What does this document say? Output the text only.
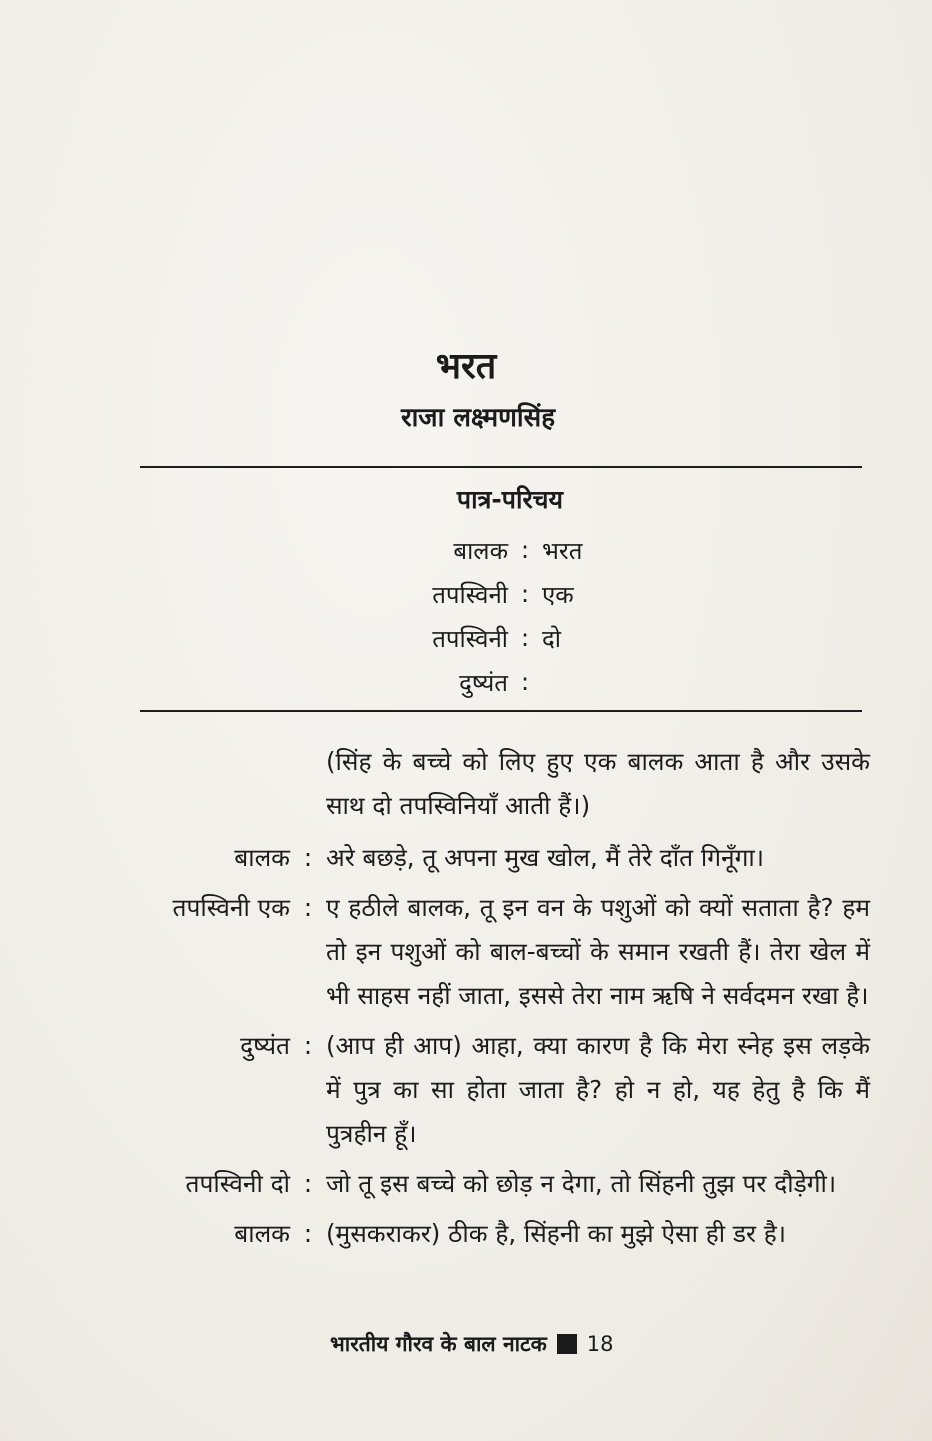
भरत
राजा लक्ष्मणसिंह
पात्र-परिचय
बालक : भरत
तपस्विनी : एक
तपस्विनी : दो
दुष्यंत :
(सिंह के बच्चे को लिए हुए एक बालक आता है और उसके साथ दो तपस्विनियाँ आती हैं।)
बालक : अरे बछड़े, तू अपना मुख खोल, मैं तेरे दाँत गिनूँगा।
तपस्विनी एक : ए हठीले बालक, तू इन वन के पशुओं को क्यों सताता है? हम तो इन पशुओं को बाल-बच्चों के समान रखती हैं। तेरा खेल में भी साहस नहीं जाता, इससे तेरा नाम ऋषि ने सर्वदमन रखा है।
दुष्यंत : (आप ही आप) आहा, क्या कारण है कि मेरा स्नेह इस लड़के में पुत्र का सा होता जाता है? हो न हो, यह हेतु है कि मैं पुत्रहीन हूँ।
तपस्विनी दो : जो तू इस बच्चे को छोड़ न देगा, तो सिंहनी तुझ पर दौड़ेगी।
बालक : (मुसकराकर) ठीक है, सिंहनी का मुझे ऐसा ही डर है।
भारतीय गौरव के बाल नाटक 18
